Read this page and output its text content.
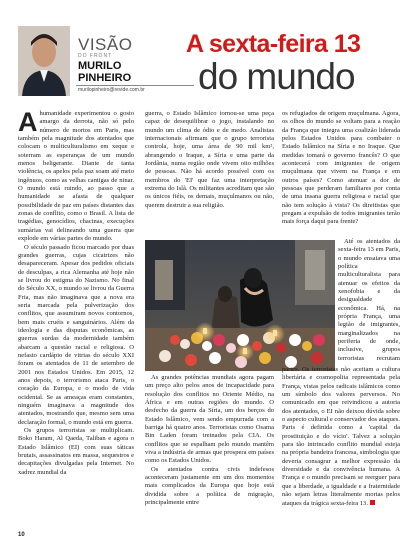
VISÃO
DO FRONT
MURILO
PINHEIRO
murilopinheiro@revide.com.br
A sexta-feira 13
do mundo

Ahumanidade experimentou o gosto amargo da derrota, não só pelo número de mortos em Paris, mas também pela magnitude dos atentados que colocam o multiculturalismo em xeque e soterram as esperanças de um mundo menos beligerante. Diante de tanta violência, os apelos pela paz soam até meio ingênuos, como as velhas cantigas de ninar. O mundo está ruindo, ao passo que a humanidade se afasta de qualquer possibilidade de paz em países distantes das zonas de conflito, como o Brasil. A lista de tragédias, genocídios, chacinas, execuções sumárias vai delineando uma guerra que explode em várias partes do mundo.

O século passado ficou marcado por duas grandes guerras, cujas cicatrizes não desapareceram. Apesar dos pedidos oficiais de desculpas, a rica Alemanha até hoje não se livrou do estigma do Nazismo. No final do Século XX, o mundo se livrou da Guerra Fria, mas não imaginava que a nova era seria marcada pela pulverização dos conflitos, que assumiram novos contornos, bem mais cruéis e sanguinários. Além da ideologia e das disputas econômicas, as guerras surdas da modernidade também abarcam a questão racial e religiosa. O nefasto cardápio de vitrias do século XXI foram os atentados de 11 de setembro de 2001 nos Estados Unidos. Em 2015, 12 anos depois, o terrorismo ataca Paris, o coração da Europa, e o modo de vida ocidental. Se as ameaças eram constantes, ninguém imaginava a magnitude dos atentados, mostrando que, mesmo sem uma declaração formal, o mundo está em guerra.

Os grupos terroristas se multiplicam. Boko Haram, Al Qaeda, Taliban e agora o Estado Islâmico (EI) com suas táticas brutais, assassinatos em massa, sequestros e decapitações divulgadas pela Internet. No xadrez mundial da

guerra, o Estado Islâmico tornou-se uma peça capaz de desequilibrar o jogo, instalando no mundo um clima de ódio e de medo. Analistas internacionais afirmam que o grupo terrorista controla, hoje, uma área de 90 mil km², abrangendo o Iraque, a Síria e uma parte da Jordânia, numa região onde vivem oito milhões de pessoas. Não há acordo possível com os membros do 'EI' que faz uma interpretação extrema do Islã. Os militantes acreditam que são os únicos fiéis, os demais, muçulmanos ou não, querem destruir a sua religião.

os refugiados de origem muçulmana. Agora, os olhos do mundo se voltam para a reação da França que integra uma coalizão liderada pelos Estados Unidos para combater o Estado Islâmico na Síria e no Iraque. Que medidas tomará o governo francês? O que acontecerá com imigrantes de origem muçulmana que vivem na França e em outros países? Como atenuar a dor de pessoas que perderam familiares por conta de uma insana guerra religiosa e racial que não tem solução à vista? Os direitistas que pregam a expulsão de todos imigrantes terão mais força daqui para frente?

Até os atentados da sexta-feira 13 em Paris, o mundo ensaiava uma política multiculturalista para atenuar os efeitos da xenofobia e da desigualdade econômica. Há, na própria França, uma legião de imigrantes, marginalizados na periferia de onde, inclusive, grupos terroristas recrutam

As grandes potências mundiais agora pagam um preço alto pelos anos de incapacidade para resolução dos conflitos no Oriente Médio, na África e em outras regiões do mundo. O desfecho da guerra da Síria, um dos berços do Estado Islâmico, vem sendo empurrada com a barriga há quatro anos. Terroristas como Osama Bin Laden foram treinados pela CIA. Os conflitos que se espalham pelo mundo mantêm viva a indústria de armas que prospera em países como os Estados Unidos.

Os atentados contra civis indefesos aconteceram justamente em um dos momentos mais complicados da Europa que hoje está dividida sobre a política de migração, principalmente entre

partes. Os terroristas não aceitam a cultura libertária e cosmopolita representada pela França, vistas pelos radicais islâmicos como um símbolo dos valores perversos. No comunicado em que reivindicou a autoria dos atentados, o EI não deixou dúvida sobre o aspecto cultural e conservador dos ataques. Paris é definida como a 'capital da prostituição e do vício'. Talvez a solução para tão intrincado conflito mundial esteja na própria bandeira francesa, simbologia que deveria consagrar a melhor expressão da diversidade e da convivência humana. A França e o mundo precisam se reerguer para que a liberdade, a igualdade e a fraternidade não sejam letras literalmente mortas pelos ataques da trágica sexta-feira 13.

10
